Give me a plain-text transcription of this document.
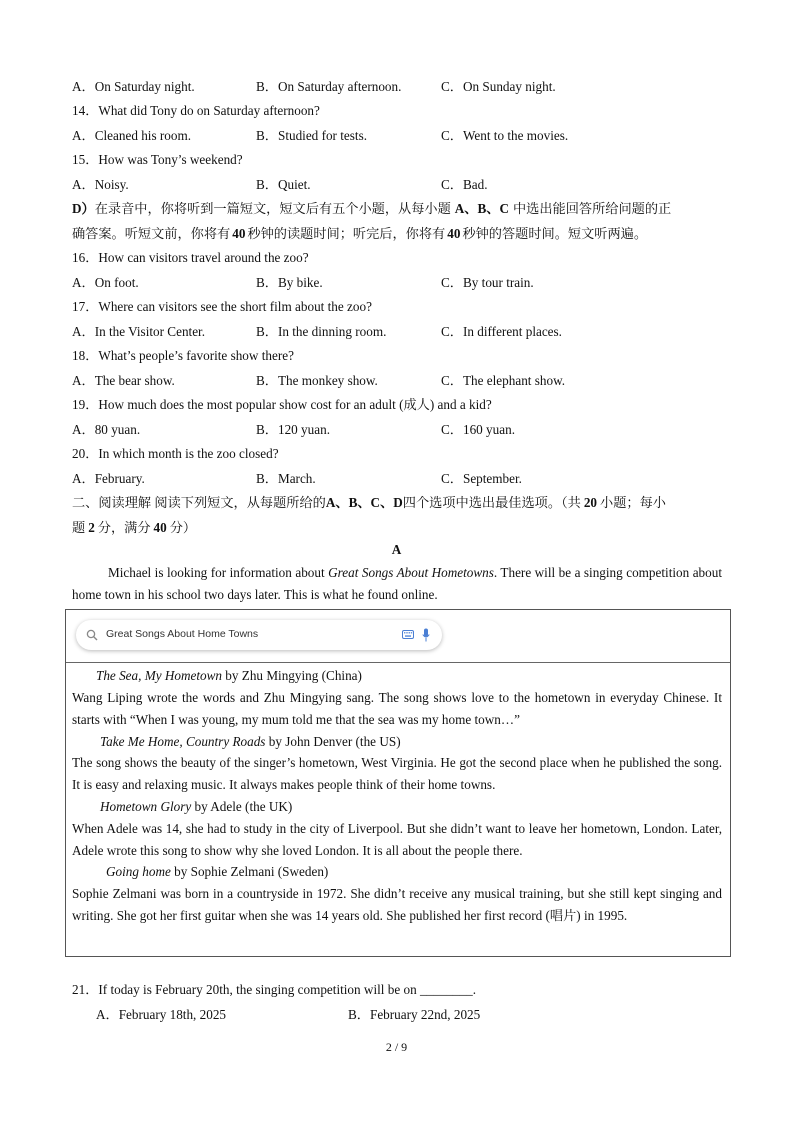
A．On Saturday night.	B．On Saturday afternoon.	C．On Sunday night.
14．What did Tony do on Saturday afternoon?
A．Cleaned his room.	B．Studied for tests.	C．Went to the movies.
15．How was Tony’s weekend?
A．Noisy.	B．Quiet.	C．Bad.
D）在录音中，你将听到一篇短文，短文后有五个小题，从每小题 A、B、C 中选出能回答所给问题的正
确答案。听短文前，你将有 40 秒钟的读题时间；听完后，你将有 40 秒钟的答题时间。短文听两遍。
16．How can visitors travel around the zoo?
A．On foot.	B．By bike.	C．By tour train.
17．Where can visitors see the short film about the zoo?
A．In the Visitor Center.	B．In the dinning room.	C．In different places.
18．What’s people’s favorite show there?
A．The bear show.	B．The monkey show.	C．The elephant show.
19．How much does the most popular show cost for an adult (成人) and a kid?
A．80 yuan.	B．120 yuan.	C．160 yuan.
20．In which month is the zoo closed?
A．February.	B．March.	C．September.
二、阅读理解 阅读下列短文，从每题所给的A、B、C、D四个选项中选出最佳选项。（共 20 小题；每小
题 2 分，满分 40 分）
A
Michael is looking for information about Great Songs About Hometowns. There will be a singing competition about home town in his school two days later. This is what he found online.
Great Songs About Home Towns
The Sea, My Hometown by Zhu Mingying (China)
Wang Liping wrote the words and Zhu Mingying sang. The song shows love to the hometown in everyday Chinese. It starts with “When I was young, my mum told me that the sea was my home town…”
Take Me Home, Country Roads by John Denver (the US)
The song shows the beauty of the singer’s hometown, West Virginia. He got the second place when he published the song. It is easy and relaxing music. It always makes people think of their home towns.
Hometown Glory by Adele (the UK)
When Adele was 14, she had to study in the city of Liverpool. But she didn’t want to leave her hometown, London. Later, Adele wrote this song to show why she loved London. It is all about the people there.
Going home by Sophie Zelmani (Sweden)
Sophie Zelmani was born in a countryside in 1972. She didn’t receive any musical training, but she still kept singing and writing. She got her first guitar when she was 14 years old. She published her first record (唱片) in 1995.
21．If today is February 20th, the singing competition will be on ________.
A．February 18th, 2025	B．February 22nd, 2025
2 / 9
